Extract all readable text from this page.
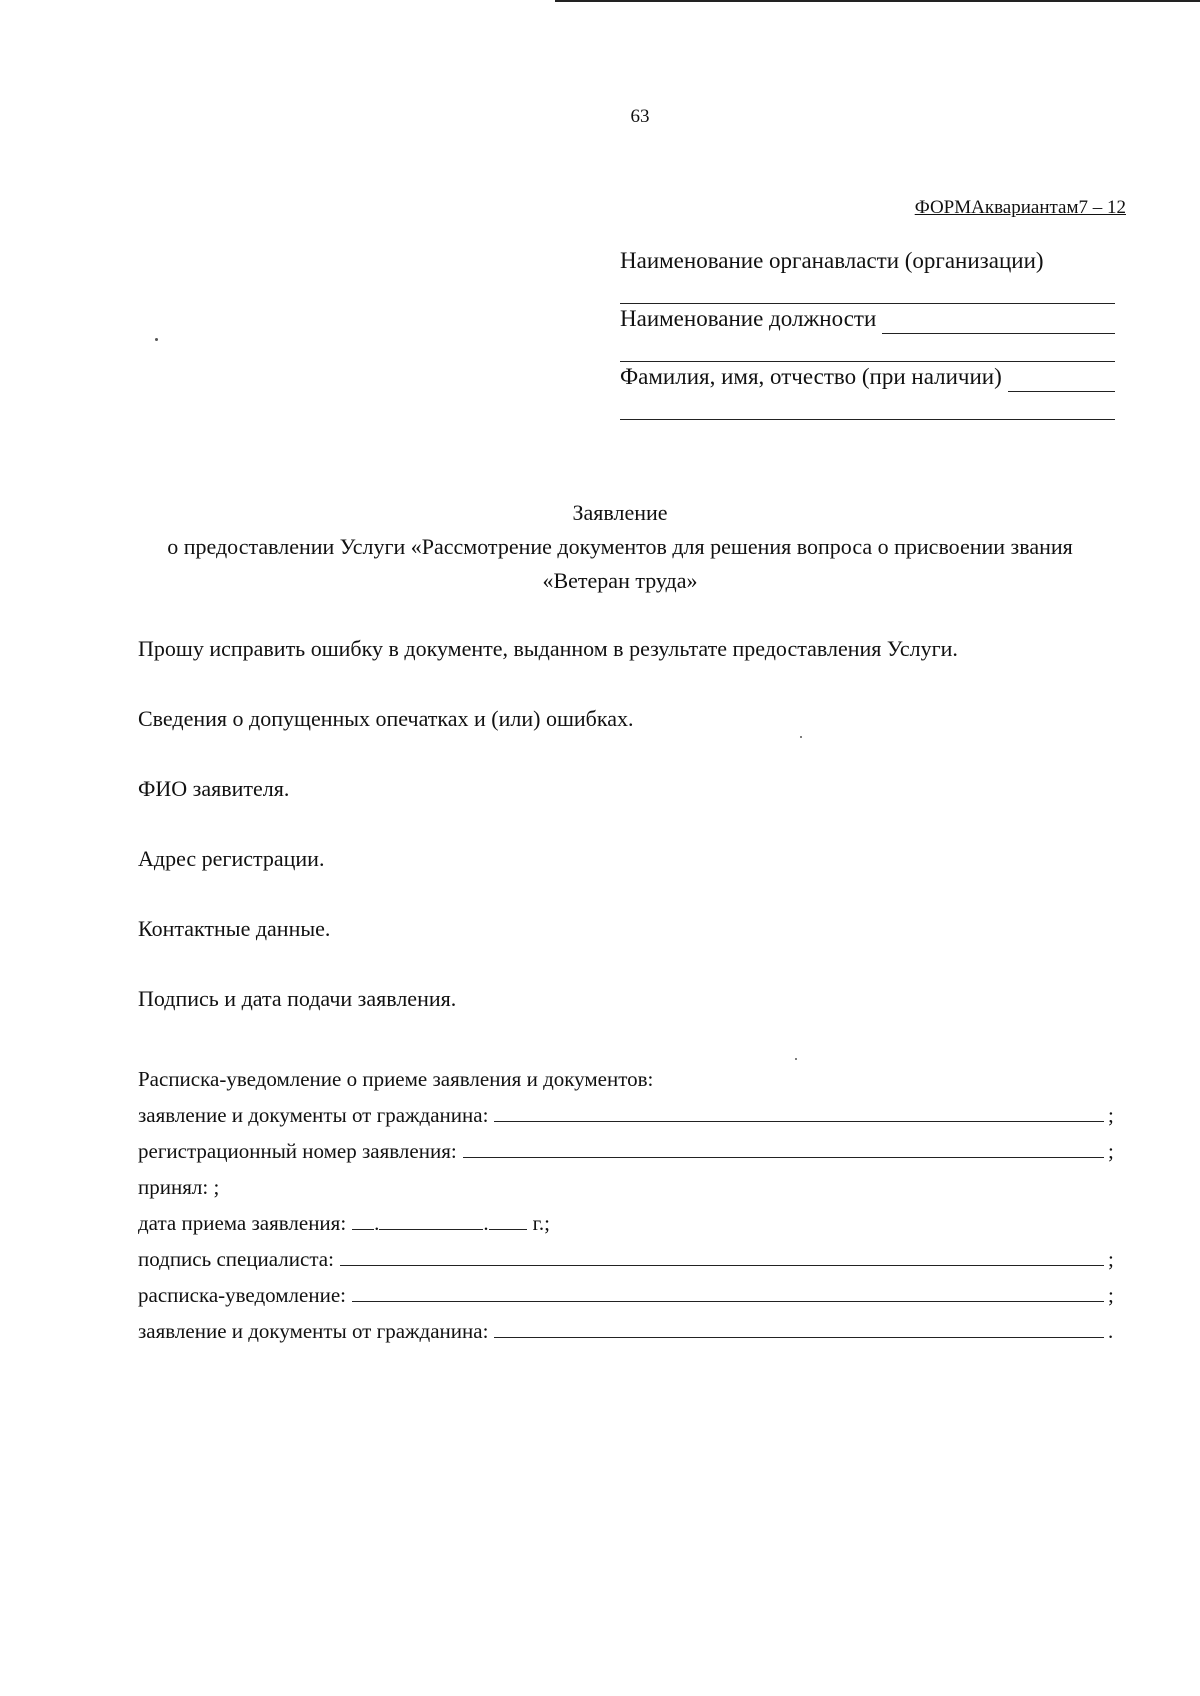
63
ФОРМАквариантам7 – 12
Наименование органавласти (организации)
Наименование должности
Фамилия, имя, отчество (при наличии)
Заявление
о предоставлении Услуги «Рассмотрение документов для решения вопроса о присвоении звания
«Ветеран труда»
Прошу исправить ошибку в документе, выданном в результате предоставления Услуги.
Сведения о допущенных опечатках и (или) ошибках.
ФИО заявителя.
Адрес регистрации.
Контактные данные.
Подпись и дата подачи заявления.
Расписка-уведомление о приеме заявления и документов:
заявление и документы от гражданина:	;
регистрационный номер заявления:	;
принял: ;
дата приема заявления: .	. г.;
подпись специалиста:	;
расписка-уведомление:	;
заявление и документы от гражданина:	.
